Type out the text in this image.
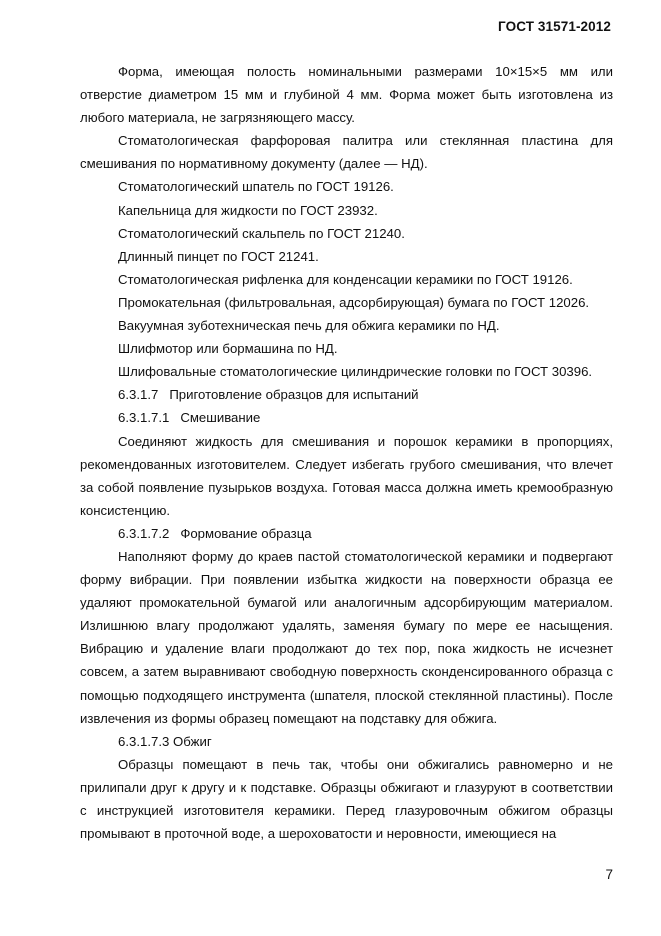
ГОСТ 31571-2012

Форма, имеющая полость номинальными размерами 10×15×5 мм или отверстие диаметром 15 мм и глубиной 4 мм. Форма может быть изготовлена из любого материала, не загрязняющего массу.

Стоматологическая фарфоровая палитра или стеклянная пластина для смешивания по нормативному документу (далее — НД).

Стоматологический шпатель по ГОСТ 19126.

Капельница для жидкости по ГОСТ 23932.

Стоматологический скальпель по ГОСТ 21240.

Длинный пинцет по ГОСТ 21241.

Стоматологическая рифленка для конденсации керамики по ГОСТ 19126.

Промокательная (фильтровальная, адсорбирующая) бумага по ГОСТ 12026.

Вакуумная зуботехническая печь для обжига керамики по НД.

Шлифмотор или бормашина по НД.

Шлифовальные стоматологические цилиндрические головки по ГОСТ 30396.

6.3.1.7   Приготовление образцов для испытаний

6.3.1.7.1   Смешивание

Соединяют жидкость для смешивания и порошок керамики в пропорциях, рекомендованных изготовителем. Следует избегать грубого смешивания, что влечет за собой появление пузырьков воздуха. Готовая масса должна иметь кремообразную консистенцию.

6.3.1.7.2   Формование образца

Наполняют форму до краев пастой стоматологической керамики и подвергают форму вибрации. При появлении избытка жидкости на поверхности образца ее удаляют промокательной бумагой или аналогичным адсорбирующим материалом. Излишнюю влагу продолжают удалять, заменяя бумагу по мере ее насыщения. Вибрацию и удаление влаги продолжают до тех пор, пока жидкость не исчезнет совсем, а затем выравнивают свободную поверхность сконденсированного образца с помощью подходящего инструмента (шпателя, плоской стеклянной пластины). После извлечения из формы образец помещают на подставку для обжига.

6.3.1.7.3 Обжиг

Образцы помещают в печь так, чтобы они обжигались равномерно и не прилипали друг к другу и к подставке. Образцы обжигают и глазуруют в соответствии с инструкцией изготовителя керамики. Перед глазуровочным обжигом образцы промывают в проточной воде, а шероховатости и неровности, имеющиеся на

7
